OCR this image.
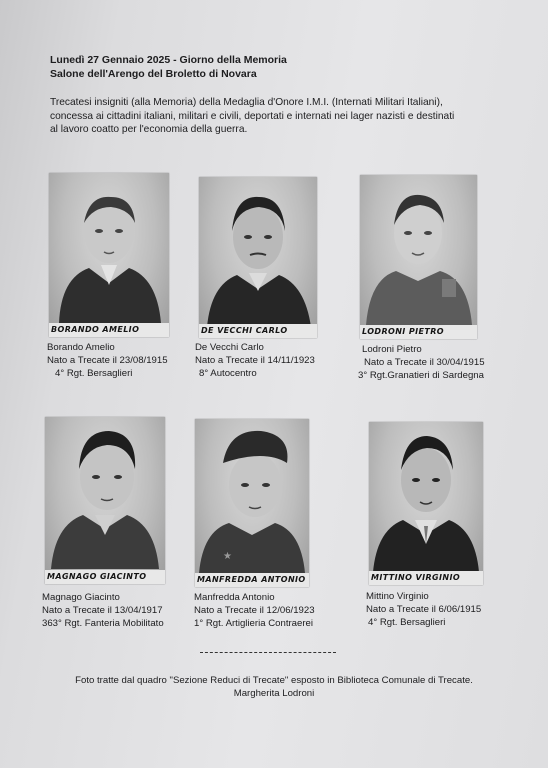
Lunedì 27 Gennaio 2025 - Giorno della Memoria
Salone dell'Arengo del Broletto di Novara
Trecatesi insigniti (alla Memoria) della Medaglia d'Onore I.M.I. (Internati Militari Italiani),
concessa ai cittadini italiani, militari e civili, deportati e internati nei lager nazisti e destinati
al lavoro coatto per l'economia della guerra.
BORANDO AMELIO
Borando Amelio
Nato a Trecate il 23/08/1915
4° Rgt. Bersaglieri
DE VECCHI CARLO
De Vecchi Carlo
Nato a Trecate il 14/11/1923
8° Autocentro
LODRONI PIETRO
Lodroni Pietro
Nato a Trecate il 30/04/1915
3° Rgt.Granatieri di Sardegna
MAGNAGO GIACINTO
Magnago Giacinto
Nato a Trecate il 13/04/1917
363° Rgt. Fanteria Mobilitato
★
MANFREDDA ANTONIO
Manfredda Antonio
Nato a Trecate il 12/06/1923
1° Rgt. Artiglieria Contraerei
MITTINO VIRGINIO
Mittino Virginio
Nato a Trecate il 6/06/1915
4° Rgt. Bersaglieri
Foto tratte dal quadro "Sezione Reduci di Trecate" esposto in Biblioteca Comunale di Trecate.
Margherita Lodroni
